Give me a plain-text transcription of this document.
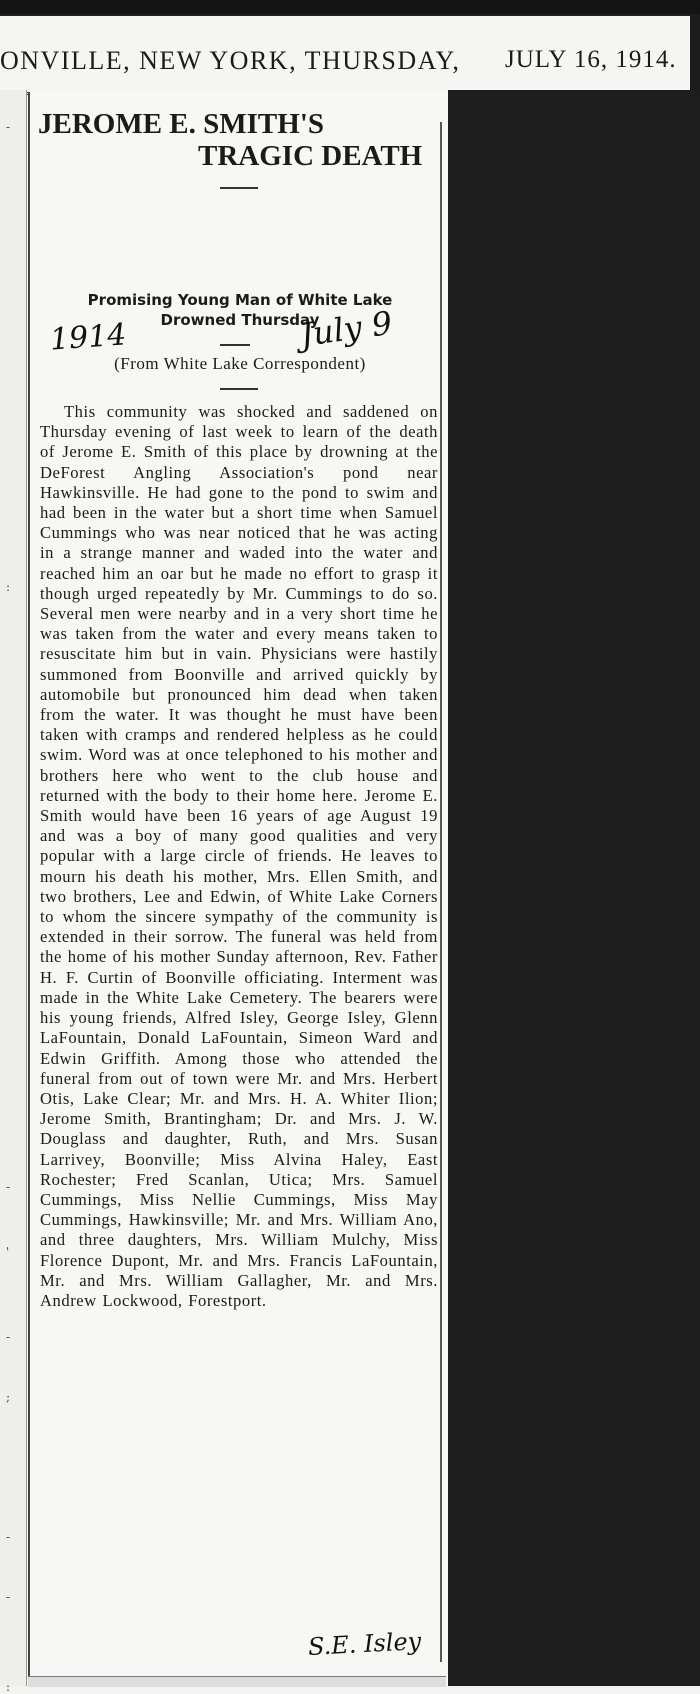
ONVILLE, NEW YORK, THURSDAY, JULY 16, 1914.
-
:
-
'
-
;
-
-
:
JEROME E. SMITH'S
TRAGIC DEATH
Promising Young Man of White Lake
Drowned Thursday
(From White Lake Correspondent)
1914	July 9
This community was shocked and saddened on Thursday evening of last week to learn of the death of Jerome E. Smith of this place by drowning at the DeForest Angling Association's pond near Hawkinsville. He had gone to the pond to swim and had been in the water but a short time when Samuel Cummings who was near noticed that he was acting in a strange manner and waded into the water and reached him an oar but he made no effort to grasp it though urged repeatedly by Mr. Cummings to do so. Several men were nearby and in a very short time he was taken from the water and every means taken to resuscitate him but in vain. Physicians were hastily summoned from Boonville and arrived quickly by automobile but pronounced him dead when taken from the water. It was thought he must have been taken with cramps and rendered helpless as he could swim. Word was at once telephoned to his mother and brothers here who went to the club house and returned with the body to their home here. Jerome E. Smith would have been 16 years of age August 19 and was a boy of many good qualities and very popular with a large circle of friends. He leaves to mourn his death his mother, Mrs. Ellen Smith, and two brothers, Lee and Edwin, of White Lake Corners to whom the sincere sympathy of the community is extended in their sorrow. The funeral was held from the home of his mother Sunday afternoon, Rev. Father H. F. Curtin of Boonville officiating. Interment was made in the White Lake Cemetery. The bearers were his young friends, Alfred Isley, George Isley, Glenn LaFountain, Donald LaFountain, Simeon Ward and Edwin Griffith. Among those who attended the funeral from out of town were Mr. and Mrs. Herbert Otis, Lake Clear; Mr. and Mrs. H. A. Whiter Ilion; Jerome Smith, Brantingham; Dr. and Mrs. J. W. Douglass and daughter, Ruth, and Mrs. Susan Larrivey, Boonville; Miss Alvina Haley, East Rochester; Fred Scanlan, Utica; Mrs. Samuel Cummings, Miss Nellie Cummings, Miss May Cummings, Hawkinsville; Mr. and Mrs. William Ano, and three daughters, Mrs. William Mulchy, Miss Florence Dupont, Mr. and Mrs. Francis LaFountain, Mr. and Mrs. William Gallagher, Mr. and Mrs. Andrew Lockwood, Forestport.
S.E. Isley
